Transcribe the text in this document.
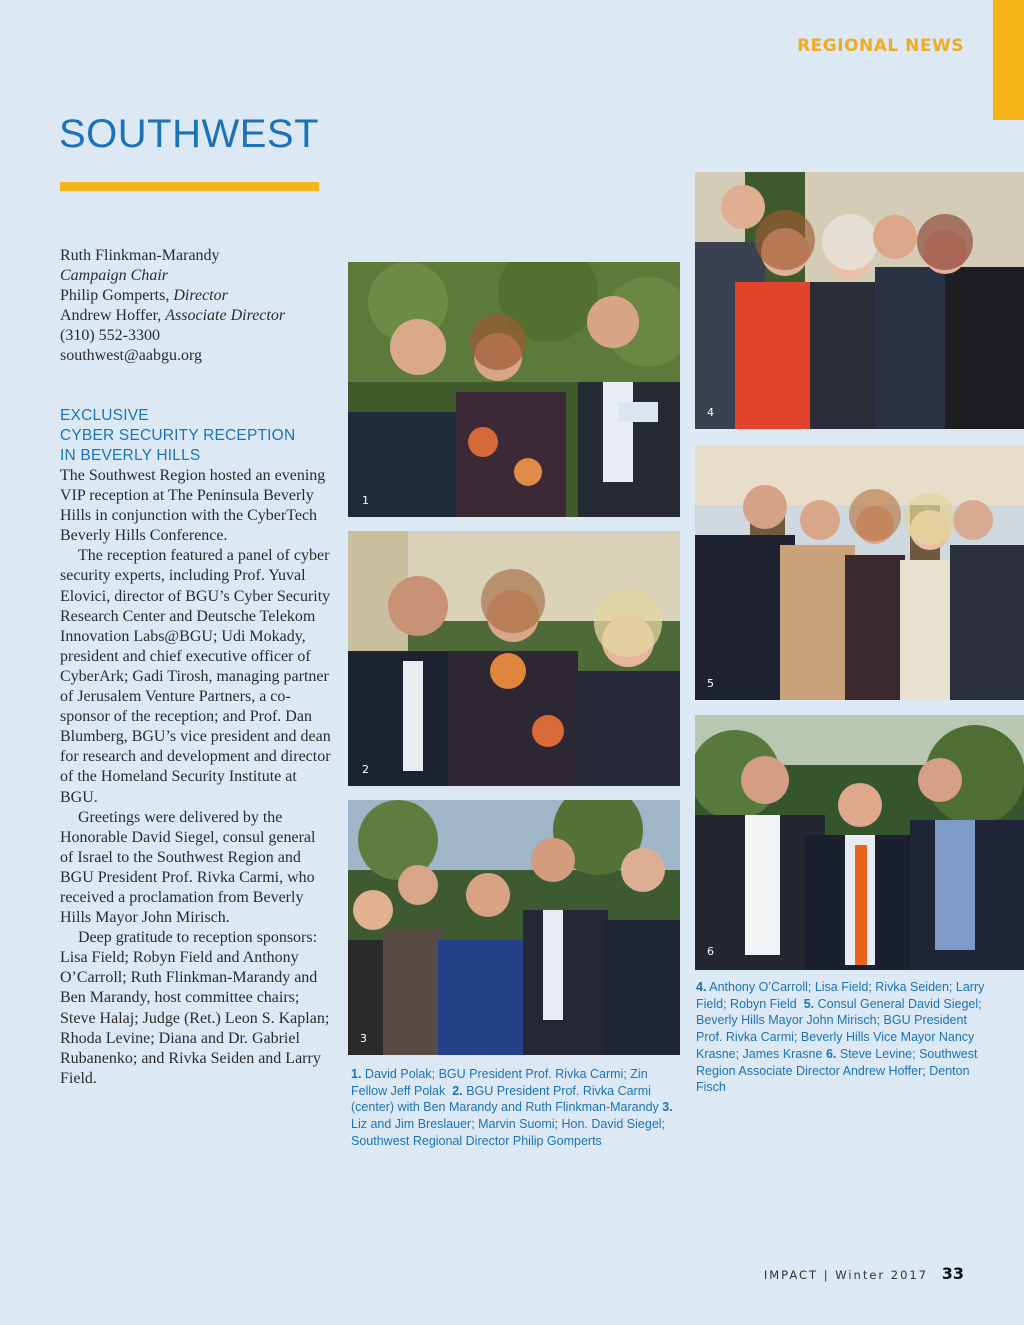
REGIONAL NEWS
SOUTHWEST
Ruth Flinkman-Marandy
Campaign Chair
Philip Gomperts, Director
Andrew Hoffer, Associate Director
(310) 552-3300
southwest@aabgu.org
EXCLUSIVE
CYBER SECURITY RECEPTION
IN BEVERLY HILLS

The Southwest Region hosted an evening VIP reception at The Peninsula Beverly Hills in conjunction with the CyberTech Beverly Hills Conference.

The reception featured a panel of cyber security experts, including Prof. Yuval Elovici, director of BGU’s Cyber Security Research Center and Deutsche Telekom Innovation Labs@BGU; Udi Mokady, president and chief executive officer of CyberArk; Gadi Tirosh, managing partner of Jerusalem Venture Partners, a co-sponsor of the reception; and Prof. Dan Blumberg, BGU’s vice president and dean for research and development and director of the Homeland Security Institute at BGU.

Greetings were delivered by the Honorable David Siegel, consul general of Israel to the Southwest Region and BGU President Prof. Rivka Carmi, who received a proclamation from Beverly Hills Mayor John Mirisch.

Deep gratitude to reception sponsors: Lisa Field; Robyn Field and Anthony O’Carroll; Ruth Flinkman-Marandy and Ben Marandy, host committee chairs; Steve Halaj; Judge (Ret.) Leon S. Kaplan; Rhoda Levine; Diana and Dr. Gabriel Rubanenko; and Rivka Seiden and Larry Field.

1
2
3
4
5
6
1. David Polak; BGU President Prof. Rivka Carmi; Zin Fellow Jeff Polak 2. BGU President Prof. Rivka Carmi (center) with Ben Marandy and Ruth Flinkman-Marandy 3. Liz and Jim Breslauer; Marvin Suomi; Hon. David Siegel; Southwest Regional Director Philip Gomperts
4. Anthony O’Carroll; Lisa Field; Rivka Seiden; Larry Field; Robyn Field 5. Consul General David Siegel; Beverly Hills Mayor John Mirisch; BGU President Prof. Rivka Carmi; Beverly Hills Vice Mayor Nancy Krasne; James Krasne 6. Steve Levine; Southwest Region Associate Director Andrew Hoffer; Denton Fisch
IMPACT | Winter 2017 33
